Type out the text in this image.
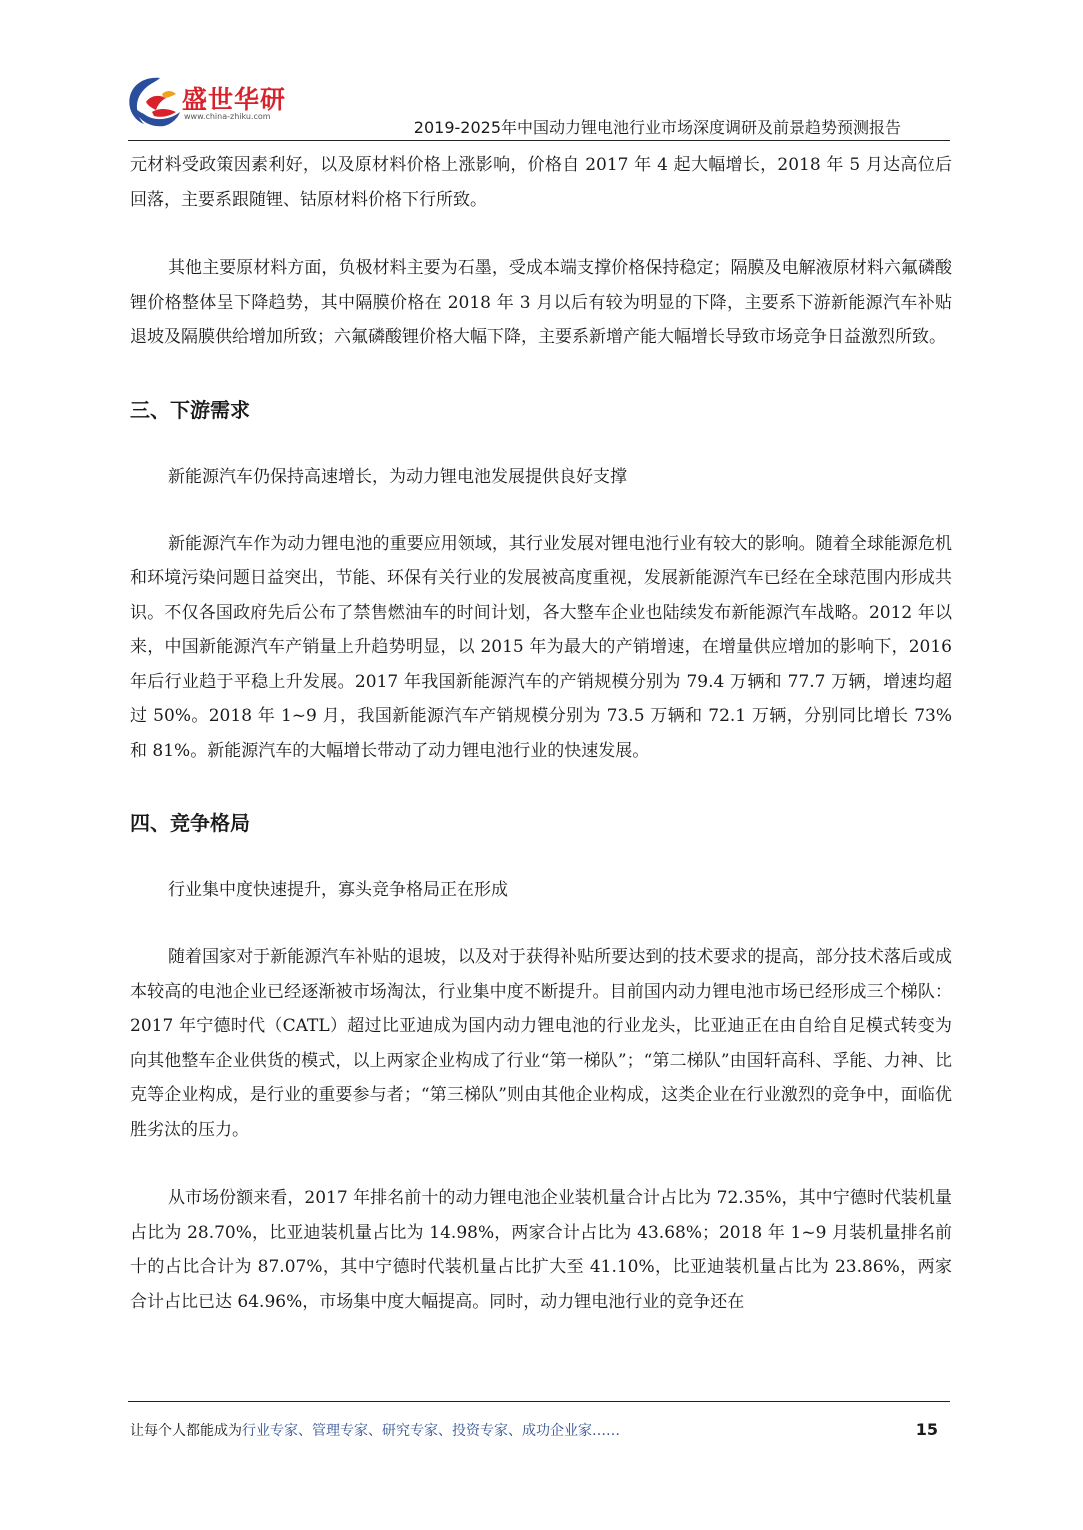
盛世华研
www.china-zhiku.com
2019-2025年中国动力锂电池行业市场深度调研及前景趋势预测报告

元材料受政策因素利好，以及原材料价格上涨影响，价格自 2017 年 4 起大幅增长，2018 年 5 月达高位后回落，主要系跟随锂、钴原材料价格下行所致。

其他主要原材料方面，负极材料主要为石墨，受成本端支撑价格保持稳定；隔膜及电解液原材料六氟磷酸锂价格整体呈下降趋势，其中隔膜价格在 2018 年 3 月以后有较为明显的下降，主要系下游新能源汽车补贴退坡及隔膜供给增加所致；六氟磷酸锂价格大幅下降，主要系新增产能大幅增长导致市场竞争日益激烈所致。

三、下游需求

新能源汽车仍保持高速增长，为动力锂电池发展提供良好支撑

新能源汽车作为动力锂电池的重要应用领域，其行业发展对锂电池行业有较大的影响。随着全球能源危机和环境污染问题日益突出，节能、环保有关行业的发展被高度重视，发展新能源汽车已经在全球范围内形成共识。不仅各国政府先后公布了禁售燃油车的时间计划，各大整车企业也陆续发布新能源汽车战略。2012 年以来，中国新能源汽车产销量上升趋势明显，以 2015 年为最大的产销增速，在增量供应增加的影响下，2016 年后行业趋于平稳上升发展。2017 年我国新能源汽车的产销规模分别为 79.4 万辆和 77.7 万辆，增速均超过 50%。2018 年 1~9 月，我国新能源汽车产销规模分别为 73.5 万辆和 72.1 万辆，分别同比增长 73%和 81%。新能源汽车的大幅增长带动了动力锂电池行业的快速发展。

四、竞争格局

行业集中度快速提升，寡头竞争格局正在形成

随着国家对于新能源汽车补贴的退坡，以及对于获得补贴所要达到的技术要求的提高，部分技术落后或成本较高的电池企业已经逐渐被市场淘汰，行业集中度不断提升。目前国内动力锂电池市场已经形成三个梯队：2017 年宁德时代（CATL）超过比亚迪成为国内动力锂电池的行业龙头，比亚迪正在由自给自足模式转变为向其他整车企业供货的模式，以上两家企业构成了行业“第一梯队”；“第二梯队”由国轩高科、孚能、力神、比克等企业构成，是行业的重要参与者；“第三梯队”则由其他企业构成，这类企业在行业激烈的竞争中，面临优胜劣汰的压力。

从市场份额来看，2017 年排名前十的动力锂电池企业装机量合计占比为 72.35%，其中宁德时代装机量占比为 28.70%，比亚迪装机量占比为 14.98%，两家合计占比为 43.68%；2018 年 1~9 月装机量排名前十的占比合计为 87.07%，其中宁德时代装机量占比扩大至 41.10%，比亚迪装机量占比为 23.86%，两家合计占比已达 64.96%，市场集中度大幅提高。同时，动力锂电池行业的竞争还在

让每个人都能成为行业专家、管理专家、研究专家、投资专家、成功企业家……	15
